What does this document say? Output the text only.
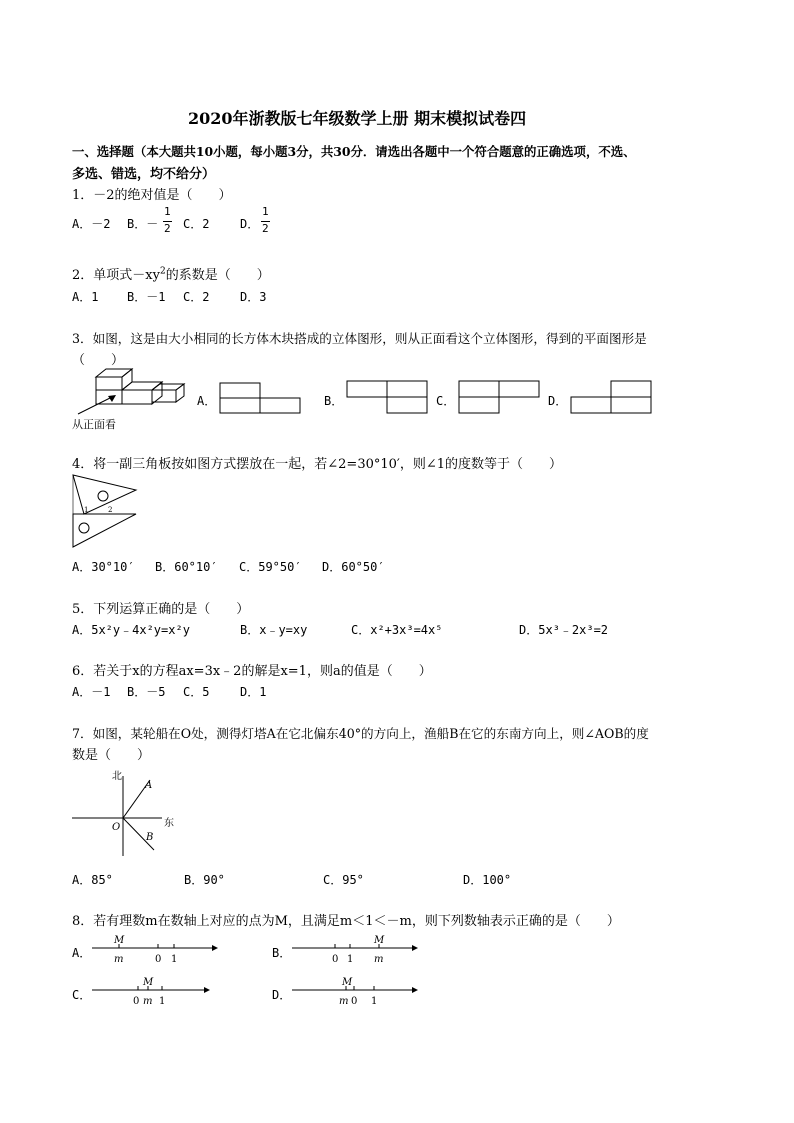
2020年浙教版七年级数学上册 期末模拟试卷四
一、选择题（本大题共10小题，每小题3分，共30分．请选出各题中一个符合题意的正确选项，不选、
多选、错选，均不给分）
1．－2的绝对值是（　　）
A．－2 B．－
1
2 C．2	D．
1
2
2．单项式$-xy^2$的系数是（　　）
A．1 B．－1 C．2	D．3
3．如图，这是由大小相同的长方体木块搭成的立体图形，则从正面看这个立体图形，得到的平面图形是
（　　）
从正面看
A．	B．	C．	D．
4．将一副三角板按如图方式摆放在一起，若∠2=30°10′，则∠1的度数等于（　　）
1	2
A．30°10′ B．60°10′ C．59°50′ D．60°50′
5．下列运算正确的是（　　）
A．5x²y﹣4x²y=x²y	B．x﹣y=xy	C．x²+3x³=4x⁵	D．5x³﹣2x³=2
6．若关于x的方程ax=3x﹣2的解是x=1，则a的值是（　　）
A．－1 B．－5 C．5	D．1
7．如图，某轮船在O处，测得灯塔A在它北偏东40°的方向上，渔船B在它的东南方向上，则∠AOB的度
数是（　　）
北
东
O
A
B
A．85°	B．90°	C．95°	D．100°
8．若有理数m在数轴上对应的点为M，且满足m＜1＜－m，则下列数轴表示正确的是（　　）
A．
M
m	0 1	B．
M
m
0 1
C．
M
0 m 1	D．
M
m 0 1
